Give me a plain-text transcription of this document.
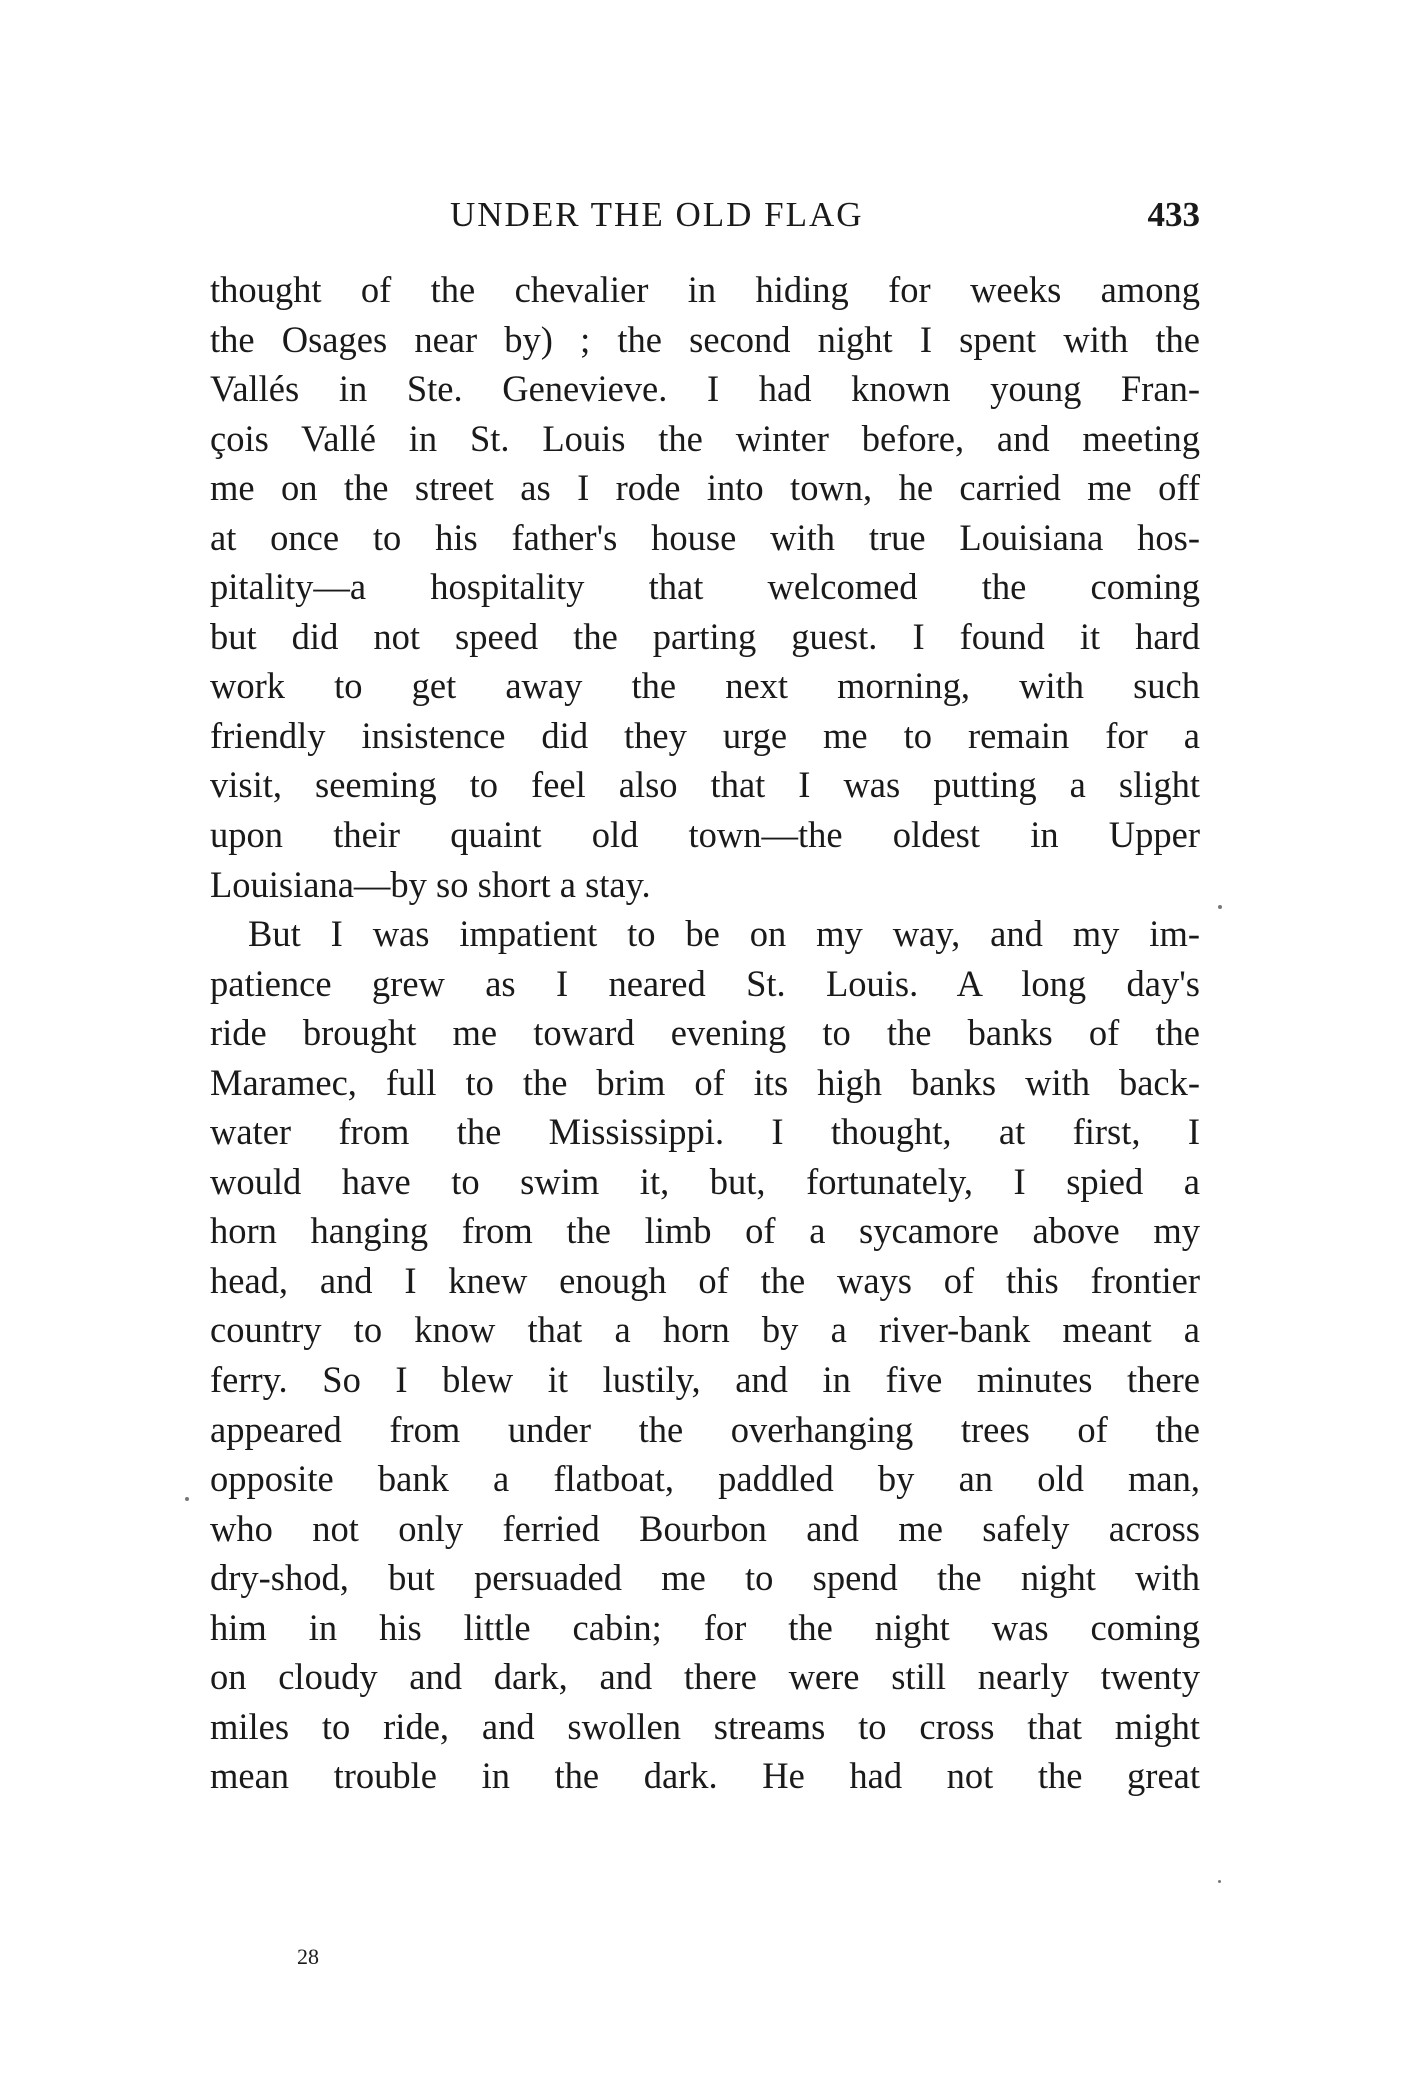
UNDER THE OLD FLAG	433
thought of the chevalier in hiding for weeks among
the Osages near by) ; the second night I spent with the
Vallés in Ste. Genevieve. I had known young Fran-
çois Vallé in St. Louis the winter before, and meeting
me on the street as I rode into town, he carried me off
at once to his father's house with true Louisiana hos-
pitality—a hospitality that welcomed the coming
but did not speed the parting guest. I found it hard
work to get away the next morning, with such
friendly insistence did they urge me to remain for a
visit, seeming to feel also that I was putting a slight
upon their quaint old town—the oldest in Upper
Louisiana—by so short a stay.
But I was impatient to be on my way, and my im-
patience grew as I neared St. Louis. A long day's
ride brought me toward evening to the banks of the
Maramec, full to the brim of its high banks with back-
water from the Mississippi. I thought, at first, I
would have to swim it, but, fortunately, I spied a
horn hanging from the limb of a sycamore above my
head, and I knew enough of the ways of this frontier
country to know that a horn by a river-bank meant a
ferry. So I blew it lustily, and in five minutes there
appeared from under the overhanging trees of the
opposite bank a flatboat, paddled by an old man,
who not only ferried Bourbon and me safely across
dry-shod, but persuaded me to spend the night with
him in his little cabin; for the night was coming
on cloudy and dark, and there were still nearly twenty
miles to ride, and swollen streams to cross that might
mean trouble in the dark. He had not the great
28
